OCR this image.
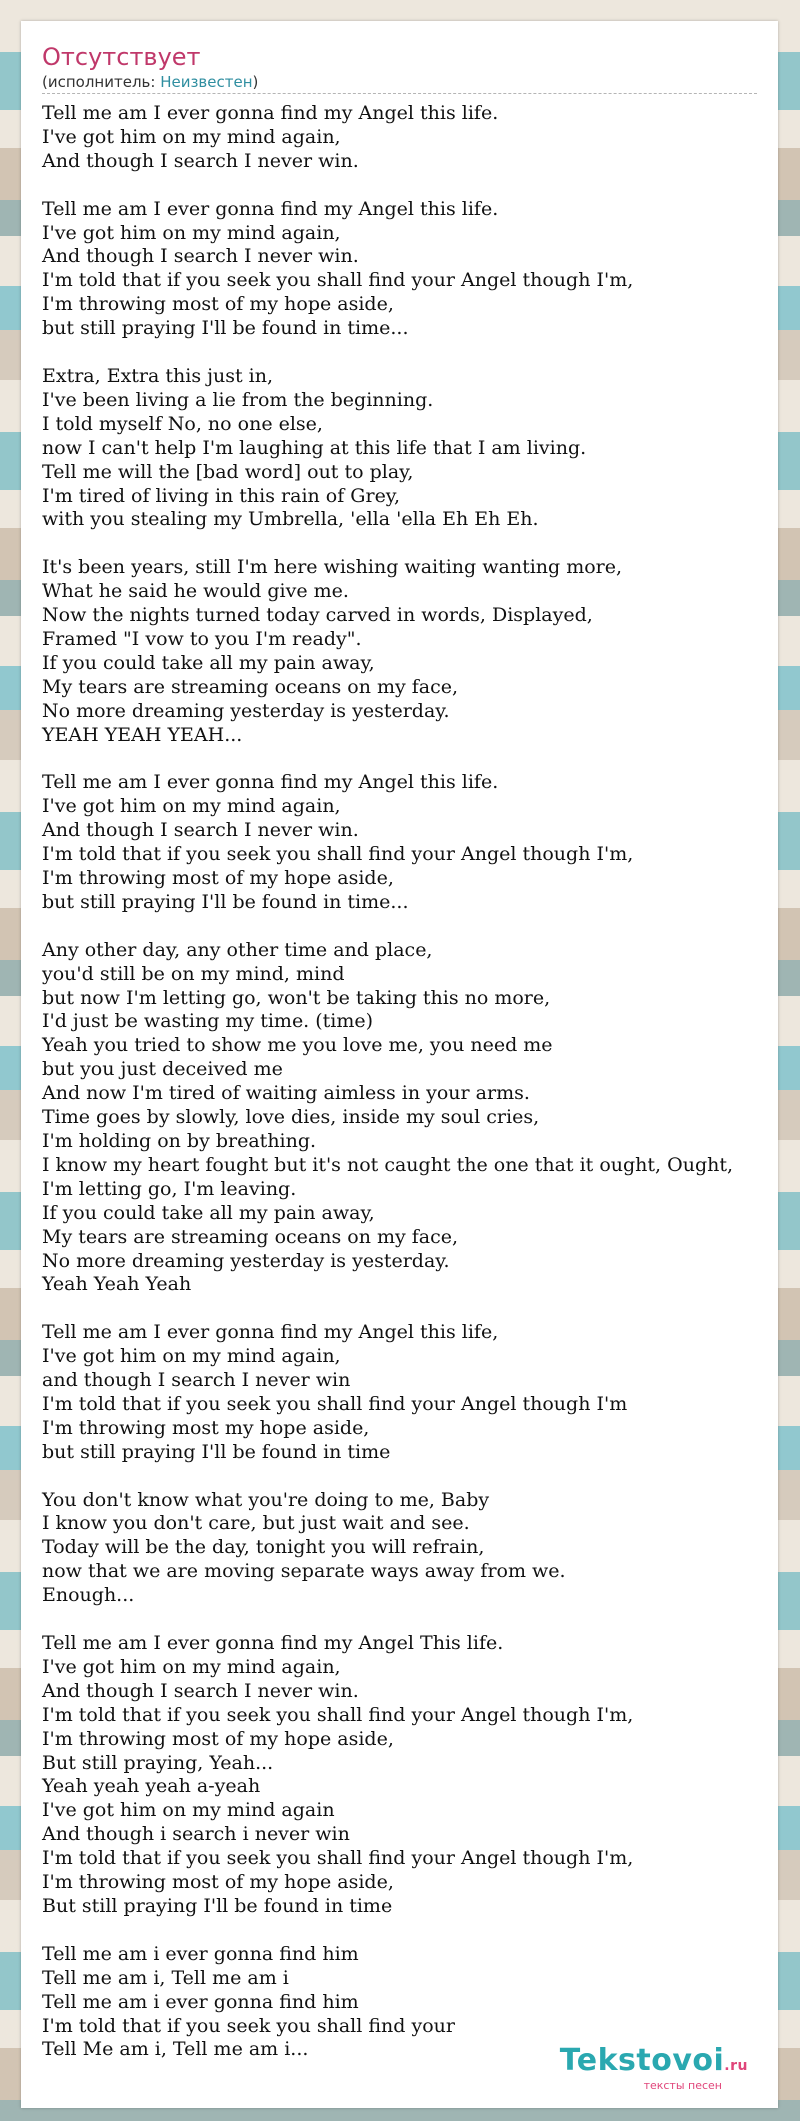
Отсутствует
(исполнитель: Неизвестен)
Tell me am I ever gonna find my Angel this life.
I've got him on my mind again,
And though I search I never win.

Tell me am I ever gonna find my Angel this life.
I've got him on my mind again,
And though I search I never win.
I'm told that if you seek you shall find your Angel though I'm,
I'm throwing most of my hope aside,
but still praying I'll be found in time...

Extra, Extra this just in,
I've been living a lie from the beginning.
I told myself No, no one else,
now I can't help I'm laughing at this life that I am living.
Tell me will the [bad word] out to play,
I'm tired of living in this rain of Grey,
with you stealing my Umbrella, 'ella 'ella Eh Eh Eh.

It's been years, still I'm here wishing waiting wanting more,
What he said he would give me.
Now the nights turned today carved in words, Displayed,
Framed "I vow to you I'm ready".
If you could take all my pain away,
My tears are streaming oceans on my face,
No more dreaming yesterday is yesterday.
YEAH YEAH YEAH...

Tell me am I ever gonna find my Angel this life.
I've got him on my mind again,
And though I search I never win.
I'm told that if you seek you shall find your Angel though I'm,
I'm throwing most of my hope aside,
but still praying I'll be found in time...

Any other day, any other time and place,
you'd still be on my mind, mind
but now I'm letting go, won't be taking this no more,
I'd just be wasting my time. (time)
Yeah you tried to show me you love me, you need me
but you just deceived me
And now I'm tired of waiting aimless in your arms.
Time goes by slowly, love dies, inside my soul cries,
I'm holding on by breathing.
I know my heart fought but it's not caught the one that it ought, Ought,
I'm letting go, I'm leaving.
If you could take all my pain away,
My tears are streaming oceans on my face,
No more dreaming yesterday is yesterday.
Yeah Yeah Yeah

Tell me am I ever gonna find my Angel this life,
I've got him on my mind again,
and though I search I never win
I'm told that if you seek you shall find your Angel though I'm
I'm throwing most my hope aside,
but still praying I'll be found in time

You don't know what you're doing to me, Baby
I know you don't care, but just wait and see.
Today will be the day, tonight you will refrain,
now that we are moving separate ways away from we.
Enough...

Tell me am I ever gonna find my Angel This life.
I've got him on my mind again,
And though I search I never win.
I'm told that if you seek you shall find your Angel though I'm,
I'm throwing most of my hope aside,
But still praying, Yeah...
Yeah yeah yeah a-yeah
I've got him on my mind again
And though i search i never win
I'm told that if you seek you shall find your Angel though I'm,
I'm throwing most of my hope aside,
But still praying I'll be found in time

Tell me am i ever gonna find him
Tell me am i, Tell me am i
Tell me am i ever gonna find him
I'm told that if you seek you shall find your
Tell Me am i, Tell me am i...	Tekstovoi.ru
тексты песен
